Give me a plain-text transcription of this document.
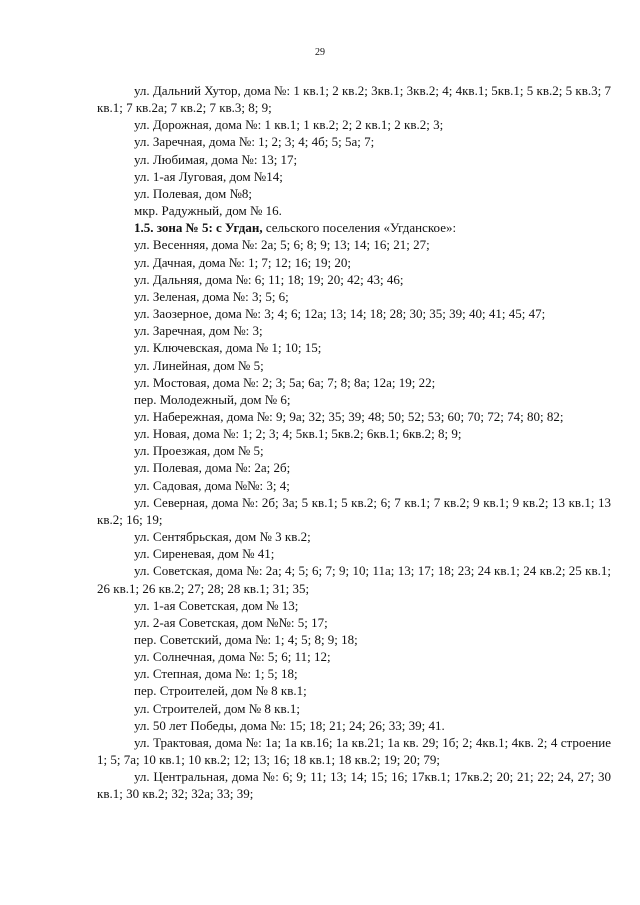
29

ул. Дальний Хутор, дома №: 1 кв.1; 2 кв.2; 3кв.1; 3кв.2; 4; 4кв.1; 5кв.1; 5 кв.2; 5 кв.3; 7 кв.1; 7 кв.2а; 7 кв.2; 7 кв.3; 8; 9;

ул. Дорожная, дома №: 1 кв.1; 1 кв.2; 2; 2 кв.1; 2 кв.2; 3;

ул. Заречная, дома №: 1; 2; 3; 4; 4б; 5; 5а; 7;

ул. Любимая, дома №: 13; 17;

ул. 1-ая Луговая, дом №14;

ул. Полевая, дом №8;

мкр. Радужный, дом № 16.

1.5. зона № 5: с Угдан, сельского поселения «Угданское»:

ул. Весенняя, дома №: 2а; 5; 6; 8; 9; 13; 14; 16; 21; 27;

ул. Дачная, дома №: 1; 7; 12; 16; 19; 20;

ул. Дальняя, дома №: 6; 11; 18; 19; 20; 42; 43; 46;

ул. Зеленая, дома №: 3; 5; 6;

ул. Заозерное, дома №: 3; 4; 6; 12а; 13; 14; 18; 28; 30; 35; 39; 40; 41; 45; 47;

ул. Заречная, дом №: 3;

ул. Ключевская, дома № 1; 10; 15;

ул. Линейная, дом № 5;

ул. Мостовая, дома №: 2; 3; 5а; 6а; 7; 8; 8а; 12а; 19; 22;

пер. Молодежный, дом № 6;

ул. Набережная, дома №: 9; 9а; 32; 35; 39; 48; 50; 52; 53; 60; 70; 72; 74; 80; 82;

ул. Новая, дома №: 1; 2; 3; 4; 5кв.1; 5кв.2; 6кв.1; 6кв.2; 8; 9;

ул. Проезжая, дом № 5;

ул. Полевая, дома №: 2а; 2б;

ул. Садовая, дома №№: 3; 4;

ул. Северная, дома №: 2б; 3а; 5 кв.1; 5 кв.2; 6; 7 кв.1; 7 кв.2; 9 кв.1; 9 кв.2; 13 кв.1; 13 кв.2; 16; 19;

ул. Сентябрьская, дом № 3 кв.2;

ул. Сиреневая, дом № 41;

ул. Советская, дома №: 2а; 4; 5; 6; 7; 9; 10; 11а; 13; 17; 18; 23; 24 кв.1; 24 кв.2; 25 кв.1; 26 кв.1; 26 кв.2; 27; 28; 28 кв.1; 31; 35;

ул. 1-ая Советская, дом № 13;

ул. 2-ая Советская, дом №№: 5; 17;

пер. Советский, дома №: 1; 4; 5; 8; 9; 18;

ул. Солнечная, дома №: 5; 6; 11; 12;

ул. Степная, дома №: 1; 5; 18;

пер. Строителей, дом № 8 кв.1;

ул. Строителей, дом № 8 кв.1;

ул. 50 лет Победы, дома №: 15; 18; 21; 24; 26; 33; 39; 41.

ул. Трактовая, дома №: 1а; 1а кв.16; 1а кв.21; 1а кв. 29; 1б; 2; 4кв.1; 4кв. 2; 4 строение 1; 5; 7а; 10 кв.1; 10 кв.2; 12; 13; 16; 18 кв.1; 18 кв.2; 19; 20; 79;

ул. Центральная, дома №: 6; 9; 11; 13; 14; 15; 16; 17кв.1; 17кв.2; 20; 21; 22; 24, 27; 30 кв.1; 30 кв.2; 32; 32а; 33; 39;
